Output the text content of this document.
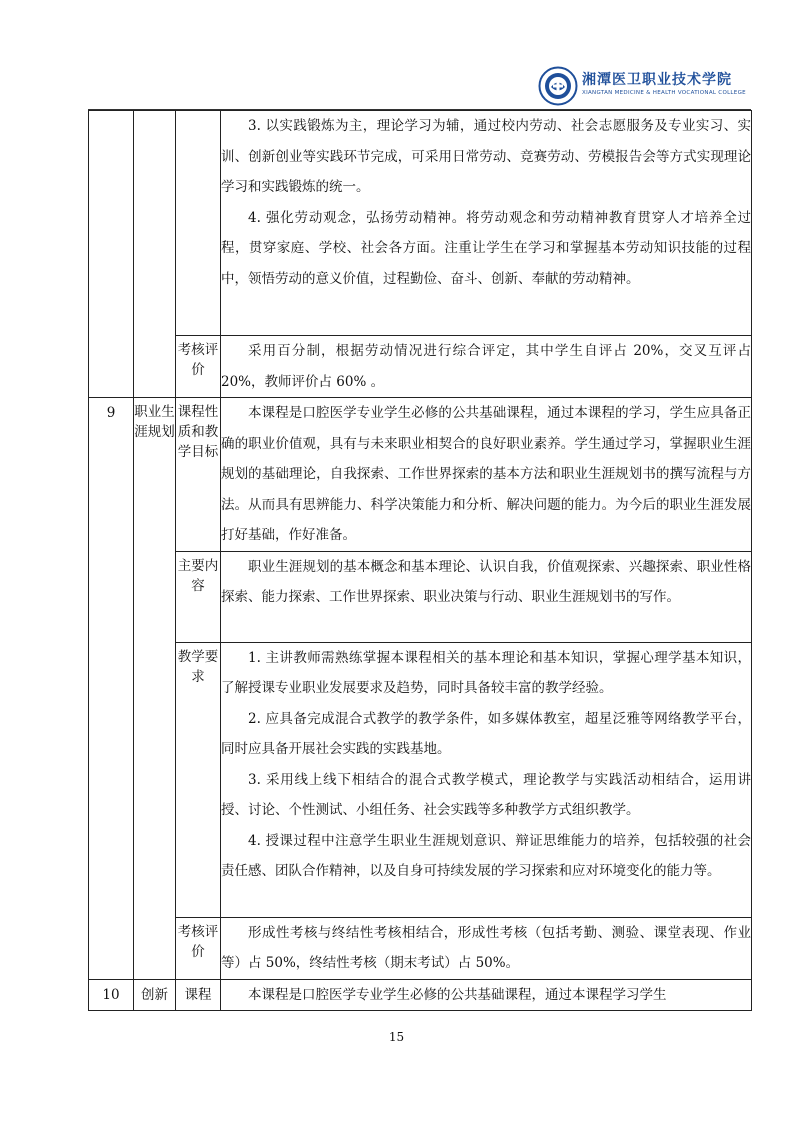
湘潭医卫职业技术学院
XIANGTAN MEDICINE & HEALTH VOCATIONAL COLLEGE

			3. 以实践锻炼为主，理论学习为辅，通过校内劳动、社会志愿服务及专业实习、实训、创新创业等实践环节完成，可采用日常劳动、竞赛劳动、劳模报告会等方式实现理论学习和实践锻炼的统一。

4. 强化劳动观念，弘扬劳动精神。将劳动观念和劳动精神教育贯穿人才培养全过程，贯穿家庭、学校、社会各方面。注重让学生在学习和掌握基本劳动知识技能的过程中，领悟劳动的意义价值，过程勤俭、奋斗、创新、奉献的劳动精神。

		考核评价	采用百分制，根据劳动情况进行综合评定，其中学生自评占 20%，交叉互评占 20%，教师评价占 60% 。

9	职业生涯规划	课程性质和教学目标	本课程是口腔医学专业学生必修的公共基础课程，通过本课程的学习，学生应具备正确的职业价值观，具有与未来职业相契合的良好职业素养。学生通过学习，掌握职业生涯规划的基础理论，自我探索、工作世界探索的基本方法和职业生涯规划书的撰写流程与方法。从而具有思辨能力、科学决策能力和分析、解决问题的能力。为今后的职业生涯发展打好基础，作好准备。

		主要内容	职业生涯规划的基本概念和基本理论、认识自我，价值观探索、兴趣探索、职业性格探索、能力探索、工作世界探索、职业决策与行动、职业生涯规划书的写作。

		教学要求	1. 主讲教师需熟练掌握本课程相关的基本理论和基本知识，掌握心理学基本知识，了解授课专业职业发展要求及趋势，同时具备较丰富的教学经验。

2. 应具备完成混合式教学的教学条件，如多媒体教室，超星泛雅等网络教学平台，同时应具备开展社会实践的实践基地。

3. 采用线上线下相结合的混合式教学模式，理论教学与实践活动相结合，运用讲授、讨论、个性测试、小组任务、社会实践等多种教学方式组织教学。

4. 授课过程中注意学生职业生涯规划意识、辩证思维能力的培养，包括较强的社会责任感、团队合作精神，以及自身可持续发展的学习探索和应对环境变化的能力等。

		考核评价	形成性考核与终结性考核相结合，形成性考核（包括考勤、测验、课堂表现、作业等）占 50%，终结性考核（期末考试）占 50%。

10	创新	课程	本课程是口腔医学专业学生必修的公共基础课程，通过本课程学习学生

15
